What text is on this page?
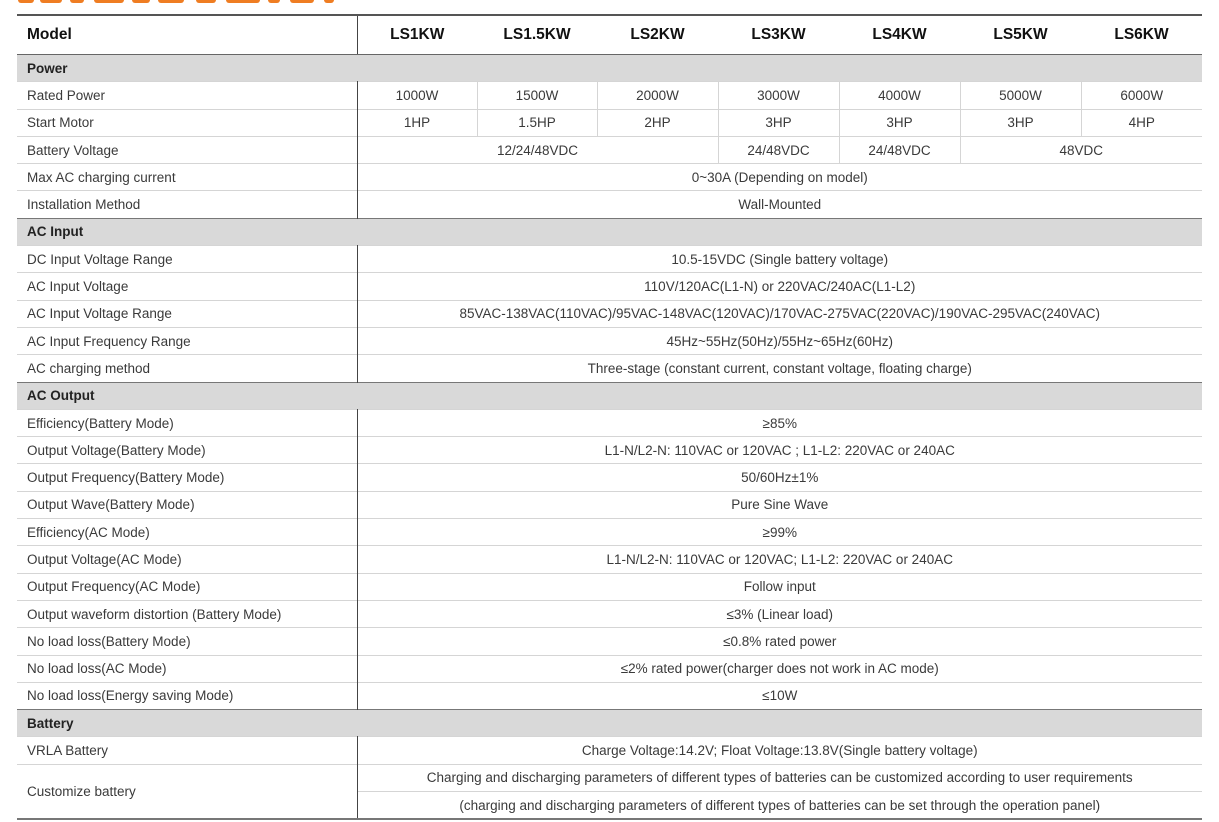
Model	LS1KW	LS1.5KW	LS2KW	LS3KW	LS4KW	LS5KW	LS6KW
Power							
Rated Power	1000W	1500W	2000W	3000W	4000W	5000W	6000W
Start Motor	1HP	1.5HP	2HP	3HP	3HP	3HP	4HP
Battery Voltage	12/24/48VDC			24/48VDC	24/48VDC	48VDC	
Max AC charging current	0~30A (Depending on model)						
Installation Method	Wall-Mounted						
AC Input							
DC Input Voltage Range	10.5-15VDC (Single battery voltage)						
AC Input Voltage	110V/120AC(L1-N) or 220VAC/240AC(L1-L2)						
AC Input Voltage Range	85VAC-138VAC(110VAC)/95VAC-148VAC(120VAC)/170VAC-275VAC(220VAC)/190VAC-295VAC(240VAC)						
AC Input Frequency Range	45Hz~55Hz(50Hz)/55Hz~65Hz(60Hz)						
AC charging method	Three-stage (constant current, constant voltage, floating charge)						
AC Output							
Efficiency(Battery Mode)	≥85%						
Output Voltage(Battery Mode)	L1-N/L2-N: 110VAC or 120VAC ; L1-L2: 220VAC or 240AC						
Output Frequency(Battery Mode)	50/60Hz±1%						
Output Wave(Battery Mode)	Pure Sine Wave						
Efficiency(AC Mode)	≥99%						
Output Voltage(AC Mode)	L1-N/L2-N: 110VAC or 120VAC; L1-L2: 220VAC or 240AC						
Output Frequency(AC Mode)	Follow input						
Output waveform distortion (Battery Mode)	≤3% (Linear load)						
No load loss(Battery Mode)	≤0.8% rated power						
No load loss(AC Mode)	≤2% rated power(charger does not work in AC mode)						
No load loss(Energy saving Mode)	≤10W						
Battery							
VRLA Battery	Charge Voltage:14.2V; Float Voltage:13.8V(Single battery voltage)						
Customize battery	Charging and discharging parameters of different types of batteries can be customized according to user requirements						
	(charging and discharging parameters of different types of batteries can be set through the operation panel)						
